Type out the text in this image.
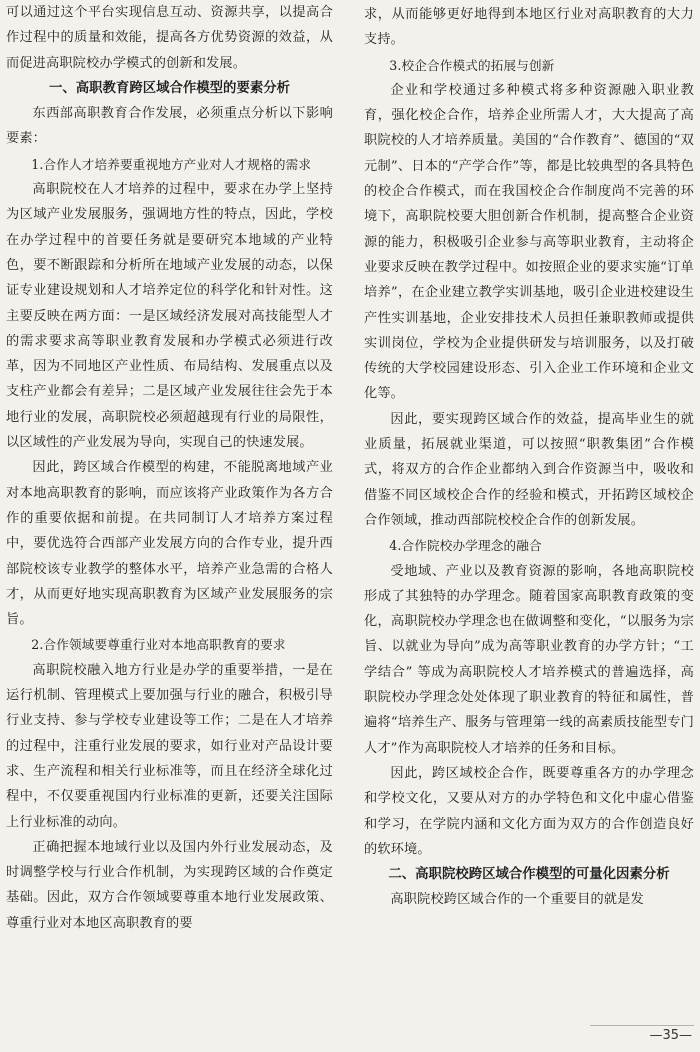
可以通过这个平台实现信息互动、资源共享，以提高合作过程中的质量和效能，提高各方优势资源的效益，从而促进高职院校办学模式的创新和发展。

一、高职教育跨区域合作模型的要素分析

东西部高职教育合作发展，必须重点分析以下影响要素：

1.合作人才培养要重视地方产业对人才规格的需求

高职院校在人才培养的过程中，要求在办学上坚持为区域产业发展服务，强调地方性的特点，因此，学校在办学过程中的首要任务就是要研究本地域的产业特色，要不断跟踪和分析所在地域产业发展的动态，以保证专业建设规划和人才培养定位的科学化和针对性。这主要反映在两方面：一是区域经济发展对高技能型人才的需求要求高等职业教育发展和办学模式必须进行改革，因为不同地区产业性质、布局结构、发展重点以及支柱产业都会有差异；二是区域产业发展往往会先于本地行业的发展，高职院校必须超越现有行业的局限性，以区域性的产业发展为导向，实现自己的快速发展。

因此，跨区域合作模型的构建，不能脱离地域产业对本地高职教育的影响，而应该将产业政策作为各方合作的重要依据和前提。在共同制订人才培养方案过程中，要优选符合西部产业发展方向的合作专业，提升西部院校该专业教学的整体水平，培养产业急需的合格人才，从而更好地实现高职教育为区域产业发展服务的宗旨。

2.合作领域要尊重行业对本地高职教育的要求

高职院校融入地方行业是办学的重要举措，一是在运行机制、管理模式上要加强与行业的融合，积极引导行业支持、参与学校专业建设等工作；二是在人才培养的过程中，注重行业发展的要求，如行业对产品设计要求、生产流程和相关行业标准等，而且在经济全球化过程中，不仅要重视国内行业标准的更新，还要关注国际上行业标准的动向。

正确把握本地域行业以及国内外行业发展动态，及时调整学校与行业合作机制，为实现跨区域的合作奠定基础。因此，双方合作领域要尊重本地行业发展政策、尊重行业对本地区高职教育的要

求，从而能够更好地得到本地区行业对高职教育的大力支持。

3.校企合作模式的拓展与创新

企业和学校通过多种模式将多种资源融入职业教育，强化校企合作，培养企业所需人才，大大提高了高职院校的人才培养质量。美国的“合作教育”、德国的“双元制”、日本的“产学合作”等，都是比较典型的各具特色的校企合作模式，而在我国校企合作制度尚不完善的环境下，高职院校要大胆创新合作机制，提高整合企业资源的能力，积极吸引企业参与高等职业教育，主动将企业要求反映在教学过程中。如按照企业的要求实施“订单培养”，在企业建立教学实训基地，吸引企业进校建设生产性实训基地，企业安排技术人员担任兼职教师或提供实训岗位，学校为企业提供研发与培训服务，以及打破传统的大学校园建设形态、引入企业工作环境和企业文化等。

因此，要实现跨区域合作的效益，提高毕业生的就业质量，拓展就业渠道，可以按照“职教集团”合作模式，将双方的合作企业都纳入到合作资源当中，吸收和借鉴不同区域校企合作的经验和模式，开拓跨区域校企合作领域，推动西部院校校企合作的创新发展。

4.合作院校办学理念的融合

受地域、产业以及教育资源的影响，各地高职院校形成了其独特的办学理念。随着国家高职教育政策的变化，高职院校办学理念也在做调整和变化，“以服务为宗旨、以就业为导向”成为高等职业教育的办学方针；“工学结合” 等成为高职院校人才培养模式的普遍选择，高职院校办学理念处处体现了职业教育的特征和属性，普遍将“培养生产、服务与管理第一线的高素质技能型专门人才”作为高职院校人才培养的任务和目标。

因此，跨区域校企合作，既要尊重各方的办学理念和学校文化，又要从对方的办学特色和文化中虚心借鉴和学习，在学院内涵和文化方面为双方的合作创造良好的软环境。

二、高职院校跨区域合作模型的可量化因素分析

高职院校跨区域合作的一个重要目的就是发

—35—
